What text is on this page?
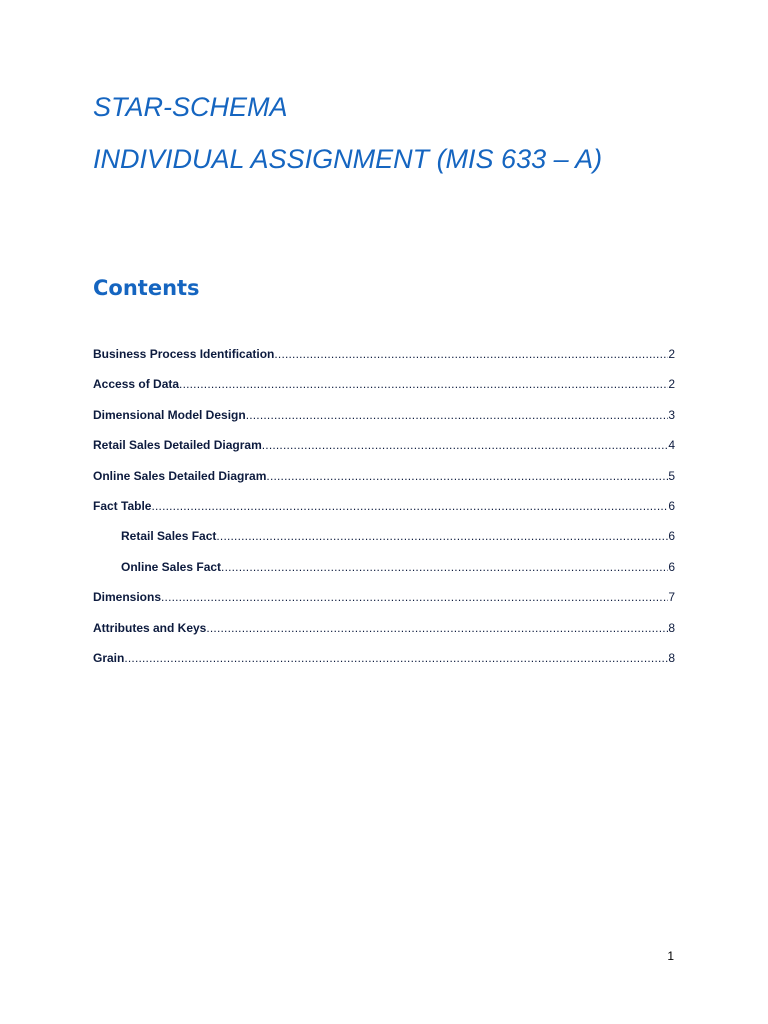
STAR-SCHEMA
INDIVIDUAL ASSIGNMENT (MIS 633 – A)
Contents
Business Process Identification .....	2
Access of Data .....	2
Dimensional Model Design .....	3
Retail Sales Detailed Diagram .....	4
Online Sales Detailed Diagram .....	5
Fact Table .....	6
Retail Sales Fact .....	6
Online Sales Fact .....	6
Dimensions .....	7
Attributes and Keys .....	8
Grain .....	8
1
